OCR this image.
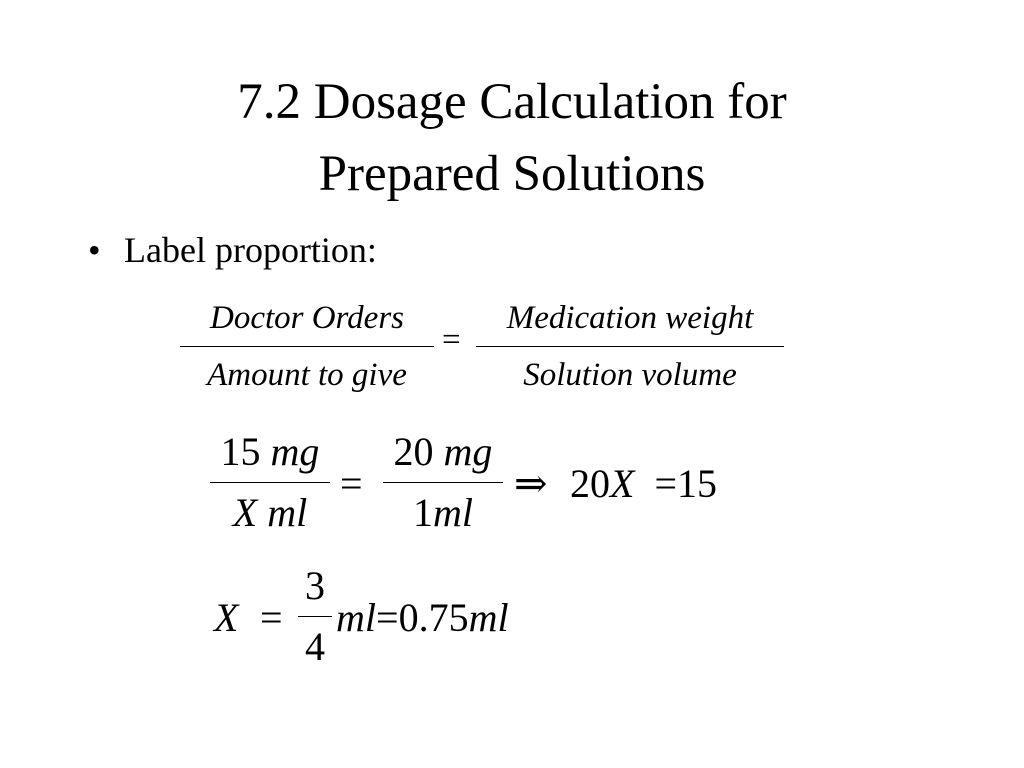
7.2 Dosage Calculation for
Prepared Solutions
• Label proportion:
Doctor Orders
Amount to give
=
Medication weight
Solution volume
15 mg
X ml
=
20 mg
1ml
⇒ 20X =15
X =
3
4
ml=0.75ml
